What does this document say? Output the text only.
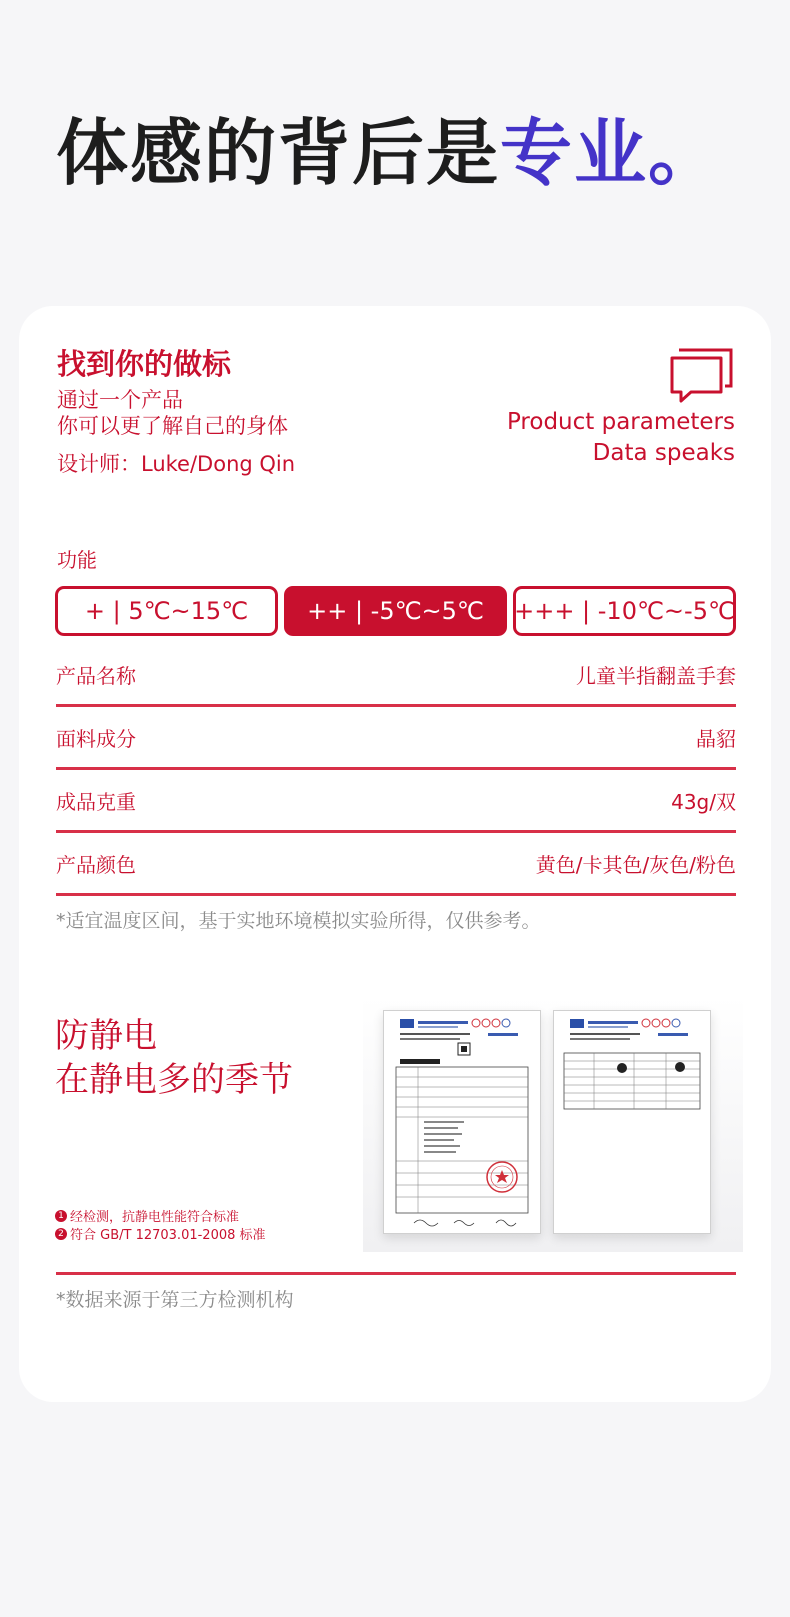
体感的背后是专业。
找到你的做标
通过一个产品
你可以更了解自己的身体
设计师：Luke/Dong Qin
Product parameters
Data speaks
功能
+ | 5℃~15℃	++ | -5℃~5℃	+++ | -10℃~-5℃
产品名称	儿童半指翻盖手套
面料成分	晶貂
成品克重	43g/双
产品颜色	黄色/卡其色/灰色/粉色
*适宜温度区间，基于实地环境模拟实验所得，仅供参考。
防静电
在静电多的季节
1 经检测，抗静电性能符合标准
2 符合 GB/T 12703.01-2008 标准
*数据来源于第三方检测机构
